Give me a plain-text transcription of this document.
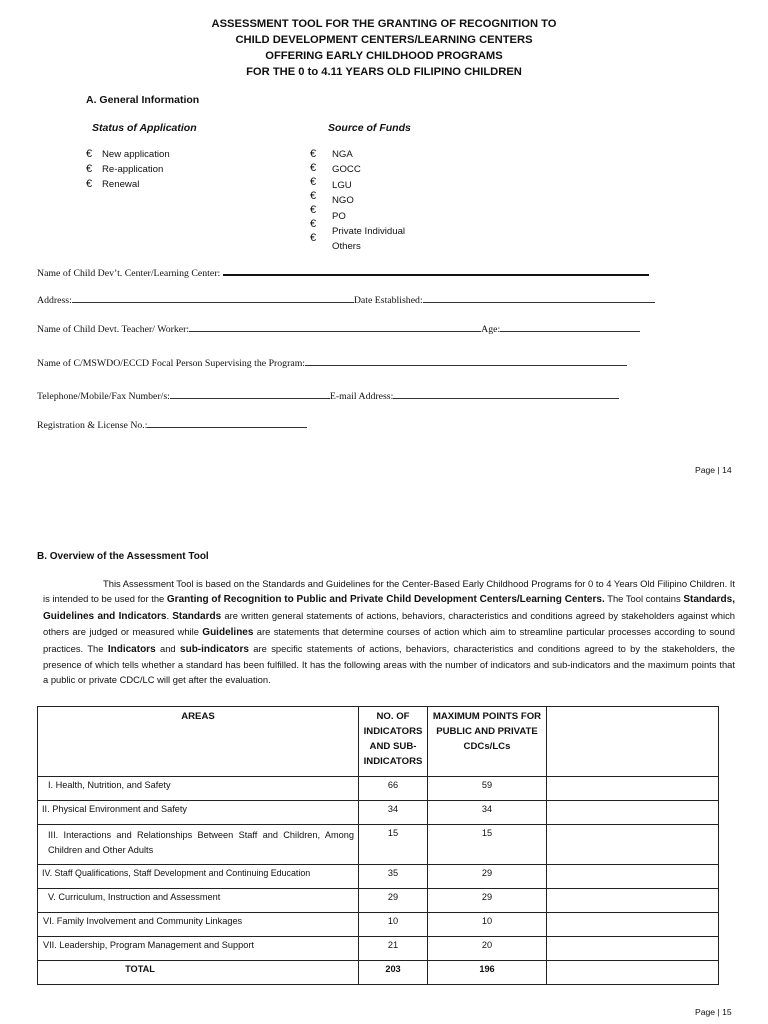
ASSESSMENT TOOL FOR THE GRANTING OF RECOGNITION TO
CHILD DEVELOPMENT CENTERS/LEARNING CENTERS
OFFERING EARLY CHILDHOOD PROGRAMS
FOR THE 0 to 4.11 YEARS OLD FILIPINO CHILDREN
A. General Information
Status of Application	Source of Funds
€	New application
€	Re-application
€	Renewal
€
€
€
€
€
€
€
NGA
GOCC
LGU
NGO
PO
Private Individual
Others
Name of Child Dev’t. Center/Learning Center:
Address:	Date Established:
Name of Child Devt. Teacher/ Worker:	Age:
Name of C/MSWDO/ECCD Focal Person Supervising the Program:
Telephone/Mobile/Fax Number/s:	E-mail Address:
Registration & License No.:
Page | 14
B. Overview of the Assessment Tool
This Assessment Tool is based on the Standards and Guidelines for the Center-Based Early Childhood Programs for 0 to 4 Years Old Filipino Children. It is intended to be used for the Granting of Recognition to Public and Private Child Development Centers/Learning Centers. The Tool contains Standards, Guidelines and Indicators. Standards are written general statements of actions, behaviors, characteristics and conditions agreed by stakeholders against which others are judged or measured while Guidelines are statements that determine courses of action which aim to streamline particular processes according to sound practices. The Indicators and sub-indicators are specific statements of actions, behaviors, characteristics and conditions agreed to by the stakeholders, the presence of which tells whether a standard has been fulfilled. It has the following areas with the number of indicators and sub-indicators and the maximum points that a public or private CDC/LC will get after the evaluation.
AREAS	NO. OF INDICATORS AND SUB-INDICATORS	MAXIMUM POINTS FOR PUBLIC AND PRIVATE CDCs/LCs	
I. Health, Nutrition, and Safety	66	59	
II. Physical Environment and Safety	34	34	
III. Interactions and Relationships Between Staff and Children, Among Children and Other Adults	15	15	
IV. Staff Qualifications, Staff Development and Continuing Education	35	29	
V. Curriculum, Instruction and Assessment	29	29	
VI. Family Involvement and Community Linkages	10	10	
VII. Leadership, Program Management and Support	21	20	
TOTAL	203	196	
Page | 15
